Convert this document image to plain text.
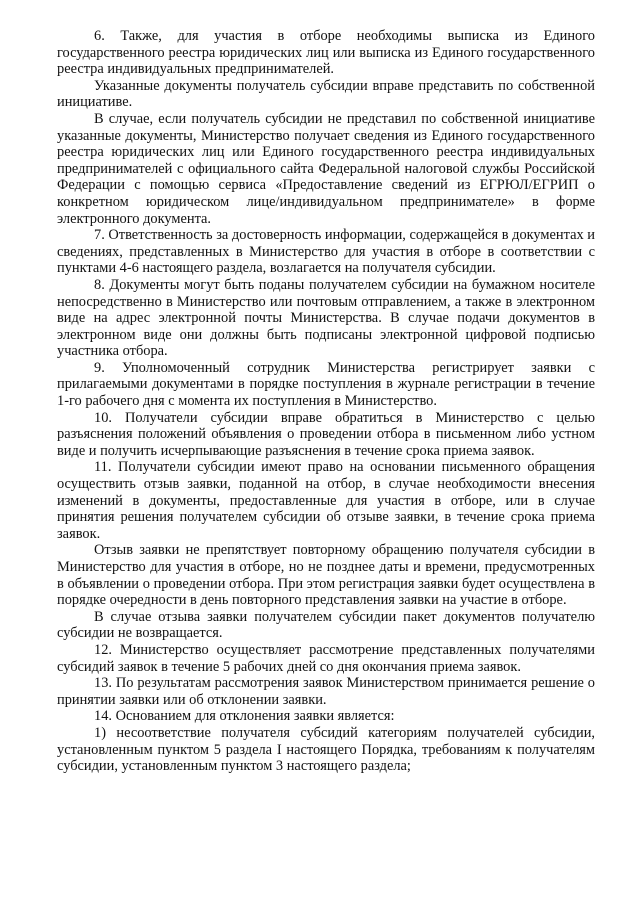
6. Также, для участия в отборе необходимы выписка из Единого государственного реестра юридических лиц или выписка из Единого государственного реестра индивидуальных предпринимателей.

Указанные документы получатель субсидии вправе представить по собственной инициативе.

В случае, если получатель субсидии не представил по собственной инициативе указанные документы, Министерство получает сведения из Единого государственного реестра юридических лиц или Единого государственного реестра индивидуальных предпринимателей с официального сайта Федеральной налоговой службы Российской Федерации с помощью сервиса «Предоставление сведений из ЕГРЮЛ/ЕГРИП о конкретном юридическом лице/индивидуальном предпринимателе» в форме электронного документа.

7. Ответственность за достоверность информации, содержащейся в документах и сведениях, представленных в Министерство для участия в отборе в соответствии с пунктами 4-6 настоящего раздела, возлагается на получателя субсидии.

8. Документы могут быть поданы получателем субсидии на бумажном носителе непосредственно в Министерство или почтовым отправлением, а также в электронном виде на адрес электронной почты Министерства. В случае подачи документов в электронном виде они должны быть подписаны электронной цифровой подписью участника отбора.

9. Уполномоченный сотрудник Министерства регистрирует заявки с прилагаемыми документами в порядке поступления в журнале регистрации в течение 1-го рабочего дня с момента их поступления в Министерство.

10. Получатели субсидии вправе обратиться в Министерство с целью разъяснения положений объявления о проведении отбора в письменном либо устном виде и получить исчерпывающие разъяснения в течение срока приема заявок.

11. Получатели субсидии имеют право на основании письменного обращения осуществить отзыв заявки, поданной на отбор, в случае необходимости внесения изменений в документы, предоставленные для участия в отборе, или в случае принятия решения получателем субсидии об отзыве заявки, в течение срока приема заявок.

Отзыв заявки не препятствует повторному обращению получателя субсидии в Министерство для участия в отборе, но не позднее даты и времени, предусмотренных в объявлении о проведении отбора. При этом регистрация заявки будет осуществлена в порядке очередности в день повторного представления заявки на участие в отборе.

В случае отзыва заявки получателем субсидии пакет документов получателю субсидии не возвращается.

12. Министерство осуществляет рассмотрение представленных получателями субсидий заявок в течение 5 рабочих дней со дня окончания приема заявок.

13. По результатам рассмотрения заявок Министерством принимается решение о принятии заявки или об отклонении заявки.

14. Основанием для отклонения заявки является:

1) несоответствие получателя субсидий категориям получателей субсидии, установленным пунктом 5 раздела I настоящего Порядка, требованиям к получателям субсидии, установленным пунктом 3 настоящего раздела;
